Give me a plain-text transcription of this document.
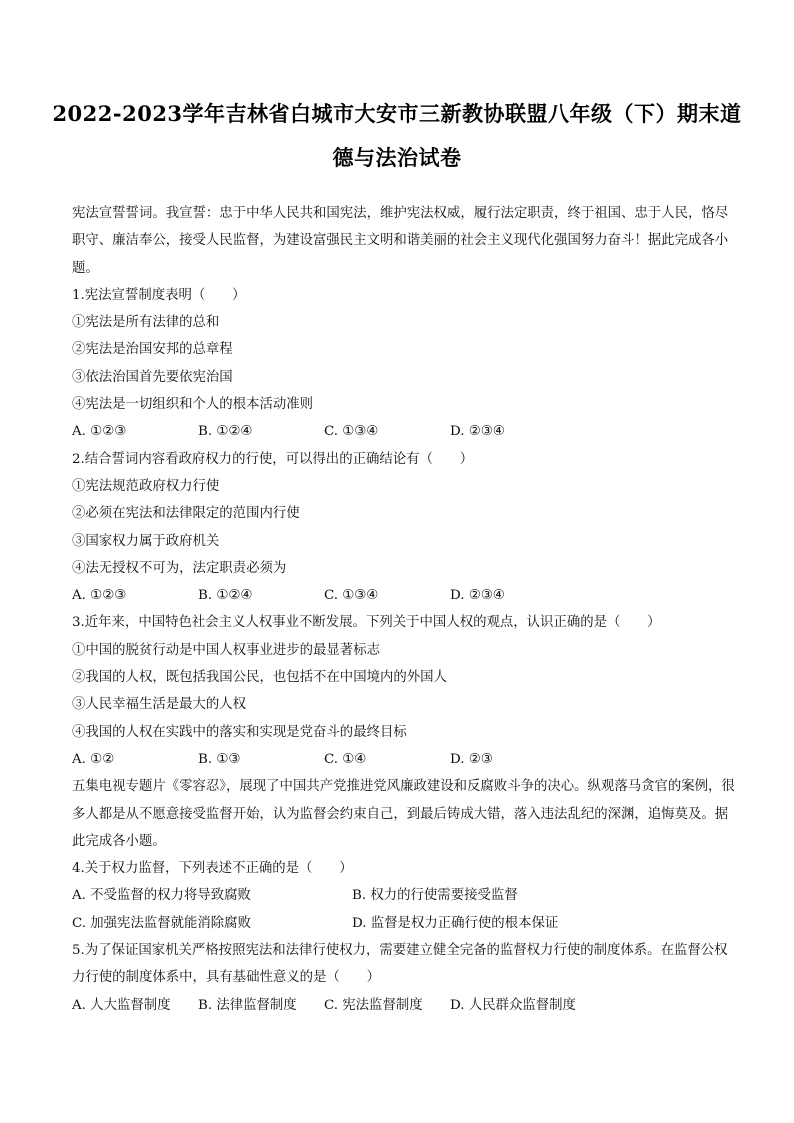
2022-2023学年吉林省白城市大安市三新教协联盟八年级（下）期末道
德与法治试卷
宪法宣誓誓词。我宣誓：忠于中华人民共和国宪法，维护宪法权威，履行法定职责，终于祖国、忠于人民，恪尽职守、廉洁奉公，接受人民监督，为建设富强民主文明和谐美丽的社会主义现代化强国努力奋斗！据此完成各小题。
1.宪法宣誓制度表明（　　）
①宪法是所有法律的总和
②宪法是治国安邦的总章程
③依法治国首先要依宪治国
④宪法是一切组织和个人的根本活动准则
A. ①②③	B. ①②④	C. ①③④	D. ②③④
2.结合誓词内容看政府权力的行使，可以得出的正确结论有（　　）
①宪法规范政府权力行使
②必须在宪法和法律限定的范围内行使
③国家权力属于政府机关
④法无授权不可为，法定职责必须为
A. ①②③	B. ①②④	C. ①③④	D. ②③④
3.近年来，中国特色社会主义人权事业不断发展。下列关于中国人权的观点，认识正确的是（　　）
①中国的脱贫行动是中国人权事业进步的最显著标志
②我国的人权，既包括我国公民，也包括不在中国境内的外国人
③人民幸福生活是最大的人权
④我国的人权在实践中的落实和实现是党奋斗的最终目标
A. ①②	B. ①③	C. ①④	D. ②③
五集电视专题片《零容忍》，展现了中国共产党推进党风廉政建设和反腐败斗争的决心。纵观落马贪官的案例，很多人都是从不愿意接受监督开始，认为监督会约束自己，到最后铸成大错，落入违法乱纪的深渊，追悔莫及。据此完成各小题。
4.关于权力监督，下列表述不正确的是（　　）
A. 不受监督的权力将导致腐败	B. 权力的行使需要接受监督
C. 加强宪法监督就能消除腐败	D. 监督是权力正确行使的根本保证
5.为了保证国家机关严格按照宪法和法律行使权力，需要建立健全完备的监督权力行使的制度体系。在监督公权力行使的制度体系中，具有基础性意义的是（　　）
A. 人大监督制度	B. 法律监督制度	C. 宪法监督制度	D. 人民群众监督制度
